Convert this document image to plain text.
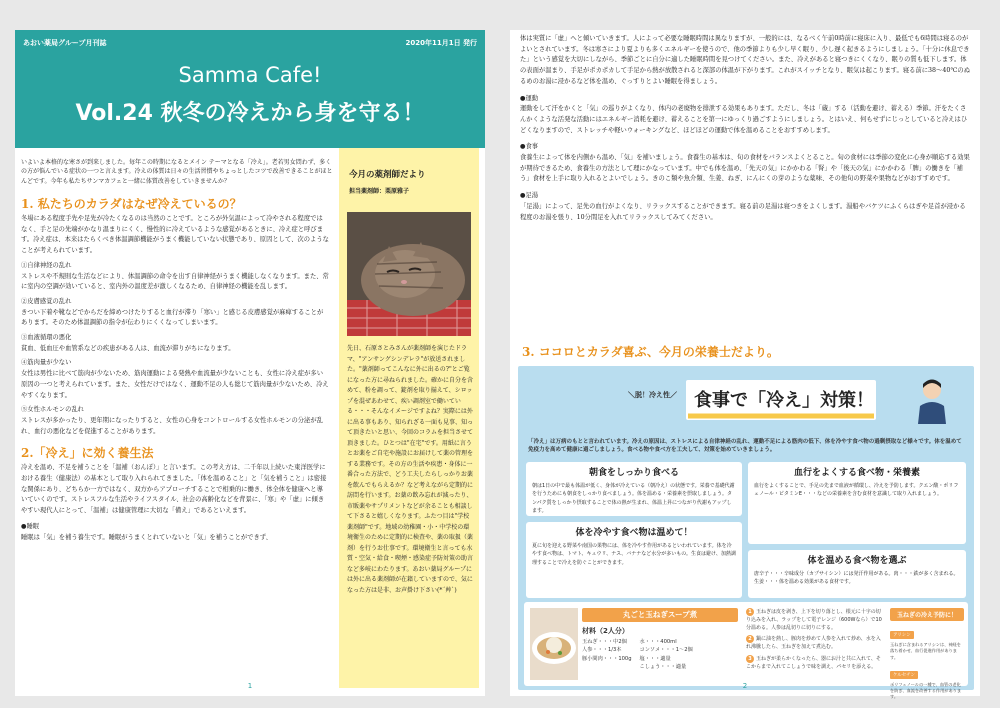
あおい薬局グループ月刊誌	2020年11月1日 発行
Samma Cafe!
Vol.24 秋冬の冷えから身を守る！
いよいよ本格的な寒さが到来しました。毎年この時期になるとメイン テーマとなる「冷え」。老若男女問わず、多くの方が悩んでいる症状の一つと言えます。冷えの体質は日々の生活習慣やちょっとしたコツで改善できることがほとんどです。今年も私たちサンマカフェと一緒に体質改善をしていきませんか？
1. 私たちのカラダはなぜ冷えているの？
冬場にある程度手先や足先が冷たくなるのは当然のことです。ところが外気温によって冷やされる程度ではなく、手と足の先端がかなり温まりにくく、慢性的に冷えているような感覚があるときに、冷え症と呼びます。冷え症は、本来はたらくべき体温調節機能がうまく機能していない状態であり、原因として、次のようなことが考えられています。
①自律神経の乱れ
ストレスや不規則な生活などにより、体温調節の命令を出す自律神経がうまく機能しなくなります。また、常に室内の空調が効いていると、室内外の温度差が激しくなるため、自律神経の機能を乱します。
②皮膚感覚の乱れ
きつい下着や靴などでからだを締めつけたりすると血行が滞り「寒い」と感じる皮膚感覚が麻痺することがあります。そのため体温調節の指令が伝わりにくくなってしまいます。
③血液循環の悪化
貧血、低血圧や血管系などの疾患がある人は、血流が滞りがちになります。
④筋肉量が少ない
女性は男性に比べて筋肉が少ないため、筋肉運動による発熱や血流量が少ないことも、女性に冷え症が多い原因の一つと考えられています。また、女性だけではなく、運動不足の人も総じて筋肉量が少ないため、冷えやすくなります。
⑤女性ホルモンの乱れ
ストレスが多かったり、更年期になったりすると、女性の心身をコントロールする女性ホルモンの分泌が乱れ、血行の悪化などを促進することがあります。
2.「冷え」に効く養生法
冷えを温め、不足を補うことを「温補（おんぽ）」と言います。この考え方は、二千年以上続いた東洋医学における養生（健康法）の基本として取り入れられてきました。「体を温めること」と「気を補うこと」は密接な関係にあり、どちらか一方ではなく、双方からアプローチすることで相乗的に働き、体全体を健康へと導いていくのです。ストレスフルな生活やライフスタイル、社会の高齢化などを背景に、「寒」や「虚」に傾きやすい現代人にとって、「温補」は健康管理に大切な「備え」であるといえます。
●睡眠
睡眠は「気」を補う養生です。睡眠がうまくとれていないと「気」を補うことができず、
今月の薬剤師だより
担当薬剤師：栗原雅子
先日、石原さとみさんが薬剤師を演じたドラマ、"アンサングシンデレラ"が放送されました。"薬剤師ってこんなに外に出るの?"とご覧になった方に尋ねられました。確かに自分を含めて、粉を調って、錠剤を取り揃えて、シロップを混ぜあわせて、疾い調剤室で働いている・・・そんなイメージですよね？実際には外に出る事もあり、知られざる一面も見事、知って頂きたいと思い、今回のコラムを担当させて頂きました。ひとつは"在宅"です。用紙に言うとお薬をご自宅や施設にお届けして薬の管理をする業務です。その方の生活や疾患・身体に一番合った方法で、どう工夫したらしっかりお薬を飲んでもらえるか？など考えながら定期的に訪問を行います。お薬の飲み忘れが減ったり、市販薬やサプリメントなどが余ることも相談して下さると嬉しくなります。ふたつ目は"学校薬剤師"です。地域の幼稚園・小・中学校の環境衛生のために定期的に検査や、薬の取扱（薬剤）を行うお仕事です。環境衛生と言っても水質・空気・給食・喫煙・感染症予防対策の助言など多岐にわたります。あおい薬局グループには外に出る薬剤師が在籍していますので、気になった方は是非、お声掛け下さい(*´艸`)
1
体は実質に「虚」へと傾いていきます。人によって必要な睡眠時間は異なりますが、一般的には、なるべく午前0時前に寝床に入り、最低でも6時間は寝るのがよいとされています。冬は寒さにより夏よりも多くエネルギーを使うので、他の季節よりも少し早く眠り、少し遅く起きるようにしましょう。「十分に休息できた」という感覚を大切にしながら、季節ごとに自分に適した睡眠時間を見つけてください。また、冷えがあると寝つきにくくなり、眠りの質も低下します。体の表面が温まり、手足がポカポカして手足から熱が放散されると深部の体温が下がります。これがスイッチとなり、眠気は起こります。寝る前に38〜40℃のぬるめのお湯に浸かるなど体を温め、ぐっすりとよい睡眠を得ましょう。
●運動
運動をして汗をかくと「気」の巡りがよくなり、体内の老廃物を排泄する効果もあります。ただし、冬は「蔵」する（活動を避け、蓄える）季節。汗をたくさんかくような活発な活動にはエネルギー消耗を避け、蓄えることを第一にゆっくり過ごすようにしましょう。とはいえ、何もせずにじっとしていると冷えはひどくなりますので、ストレッチや軽いウォーキングなど、ほどほどの運動で体を温めることをおすすめします。
●食事
食養生によって体を内側から温め、「気」を補いましょう。食養生の基本は、旬の食材をバランスよくとること。旬の食材には季節の変化に心身が順応する効果が期待できるため、食養生の方法として理にかなっています。中でも体を温め、「先天の気」にかかわる「腎」や「後天の気」にかかわる「脾」の働きを「補う」食材を上手に取り入れるとよいでしょう。きのこ類や魚介類、生姜、ねぎ、にんにくの芽のような薬味、その他旬の野菜や果物などがおすすめです。
●足湯
「足湯」によって、足先の血行がよくなり、リラックスすることができます。寝る前の足湯は寝つきをよくします。湯船やバケツにふくらはぎや足首が浸かる程度のお湯を張り、10分間足を入れてリラックスしてみてください。
3. ココロとカラダ喜ぶ、今月の栄養士だより。
＼脱！冷え性／ 食事で「冷え」対策！
「冷え」は万病のもとと言われています。冷えの原因は、ストレスによる自律神経の乱れ、運動不足による筋肉の低下、体を冷やす食べ物の過剰摂取など様々です。体を温めて免疫力を高めて健康に過ごしましょう。食べる物や食べ方を工夫して、対策を始めていきましょう。
朝食をしっかり食べる
朝は1日の中で最も体温が低く、身体が冷えている（朝冷え）の状態です。栄養で基礎代謝を行うためにも朝食をしっかり食べましょう。体を温める・栄養素を摂取しましょう。タンパク質をしっかり摂取することで体の熱が生まれ、体温上昇につながり代謝もアップします。
血行をよくする食べ物・栄養素
血行をよくすることで、手足の先まで血液が循環し、冷えを予防します。クエン酸・ポリフェノール・ビタミンE・・・などの栄養素を含む食材を意識して取り入れましょう。
体を冷やす食べ物は温めて！
夏に旬を迎える野菜や南国の果物には、体を冷やす作用があるといわれています。体を冷やす食べ物は、トマト、キュウリ、ナス、バナナなど水分が多いもの。生食は避け、加熱調理することで冷えを防ぐことができます。	体を温める食べ物を選ぶ
唐辛子・・・辛味成分（カプサイシン）には発汗作用がある。肉・・・鉄が多く含まれる。生姜・・・体を温める効果がある食材です。
丸ごと玉ねぎスープ煮
材料（2人分）
玉ねぎ・・・中2個
人参・・・1/3本
豚小間肉・・・100g
水・・・400ml
コンソメ・・・1〜2個
塩・・・適量
こしょう・・・適量
1 玉ねぎは皮を剥き、上下を切り落とし、根元に十字の切り込みを入れ、ラップをして電子レンジ（600Wなら）で10分温める。人参は乱切りに切りにする。
2 鍋に油を熱し、豚肉を炒めて人参を入れて炒め、水を入れ沸騰したら、玉ねぎを加えて煮込む。
3 玉ねぎが柔らかくなったら、器にお汁と共に入れて、そこからまで入れてこしょうで味を調え、パセリを添える。
玉ねぎの冷え予防に！
アリシン
玉ねぎに含まれるアリシンは、神経を落ち着かせ、血行促進作用があります。
ケルセチン
ポリフェノールの一種で、血管の老化を防ぎ、血流を改善する作用があります。
2
